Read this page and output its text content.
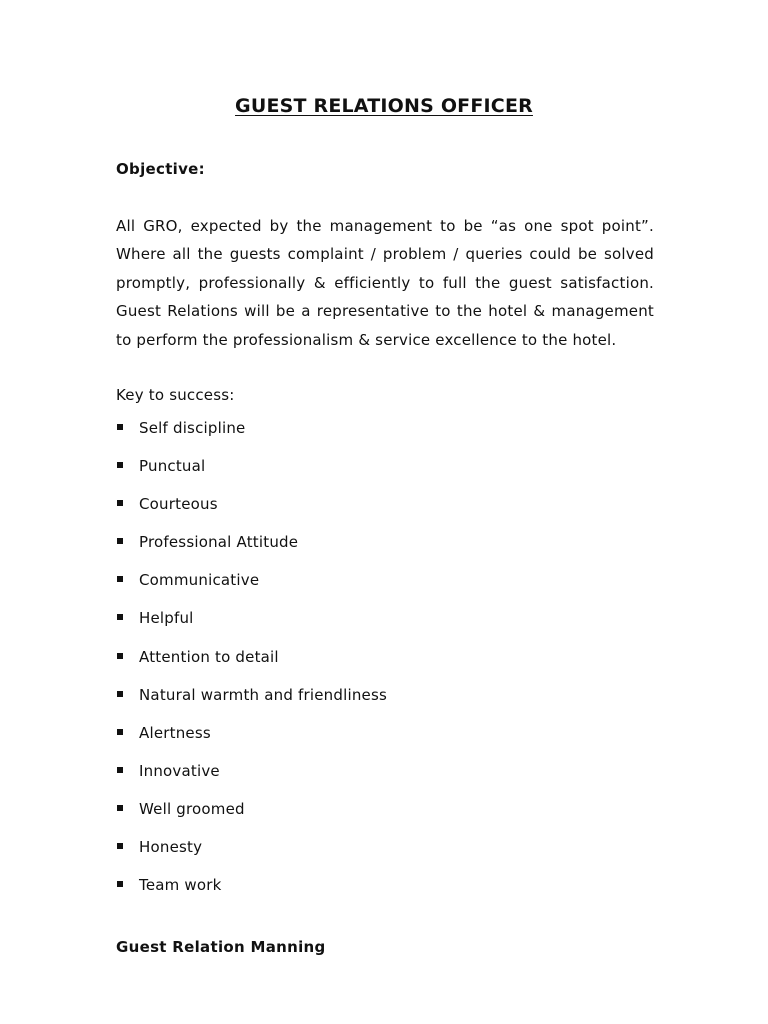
GUEST RELATIONS OFFICER
Objective:
All GRO, expected by the management to be “as one spot point”. Where all the guests complaint / problem / queries could be solved promptly, professionally & efficiently to full the guest satisfaction. Guest Relations will be a representative to the hotel & management to perform the professionalism & service excellence to the hotel.
Key to success:
Self discipline
Punctual
Courteous
Professional Attitude
Communicative
Helpful
Attention to detail
Natural warmth and friendliness
Alertness
Innovative
Well groomed
Honesty
Team work
Guest Relation Manning
